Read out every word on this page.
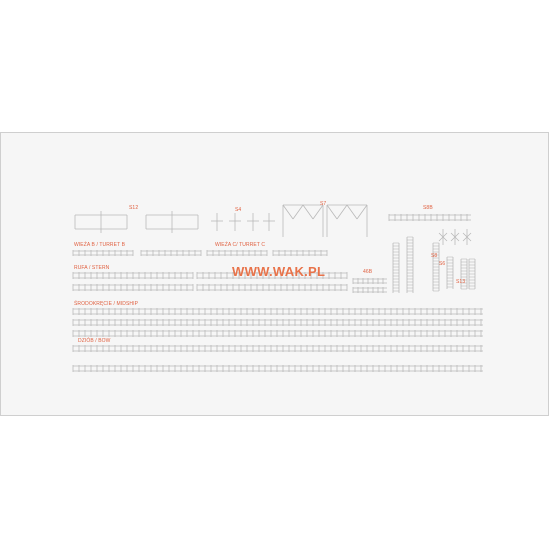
S12	S4
S7
S8B
WIEŻA B / TURRET B	WIEŻA C/ TURRET C
RUFA / STERN
46B
S8
S6
S13
ŚRODOKRĘCIE / MIDSHIP
DZIÓB / BOW
WWW.WAK.PL
